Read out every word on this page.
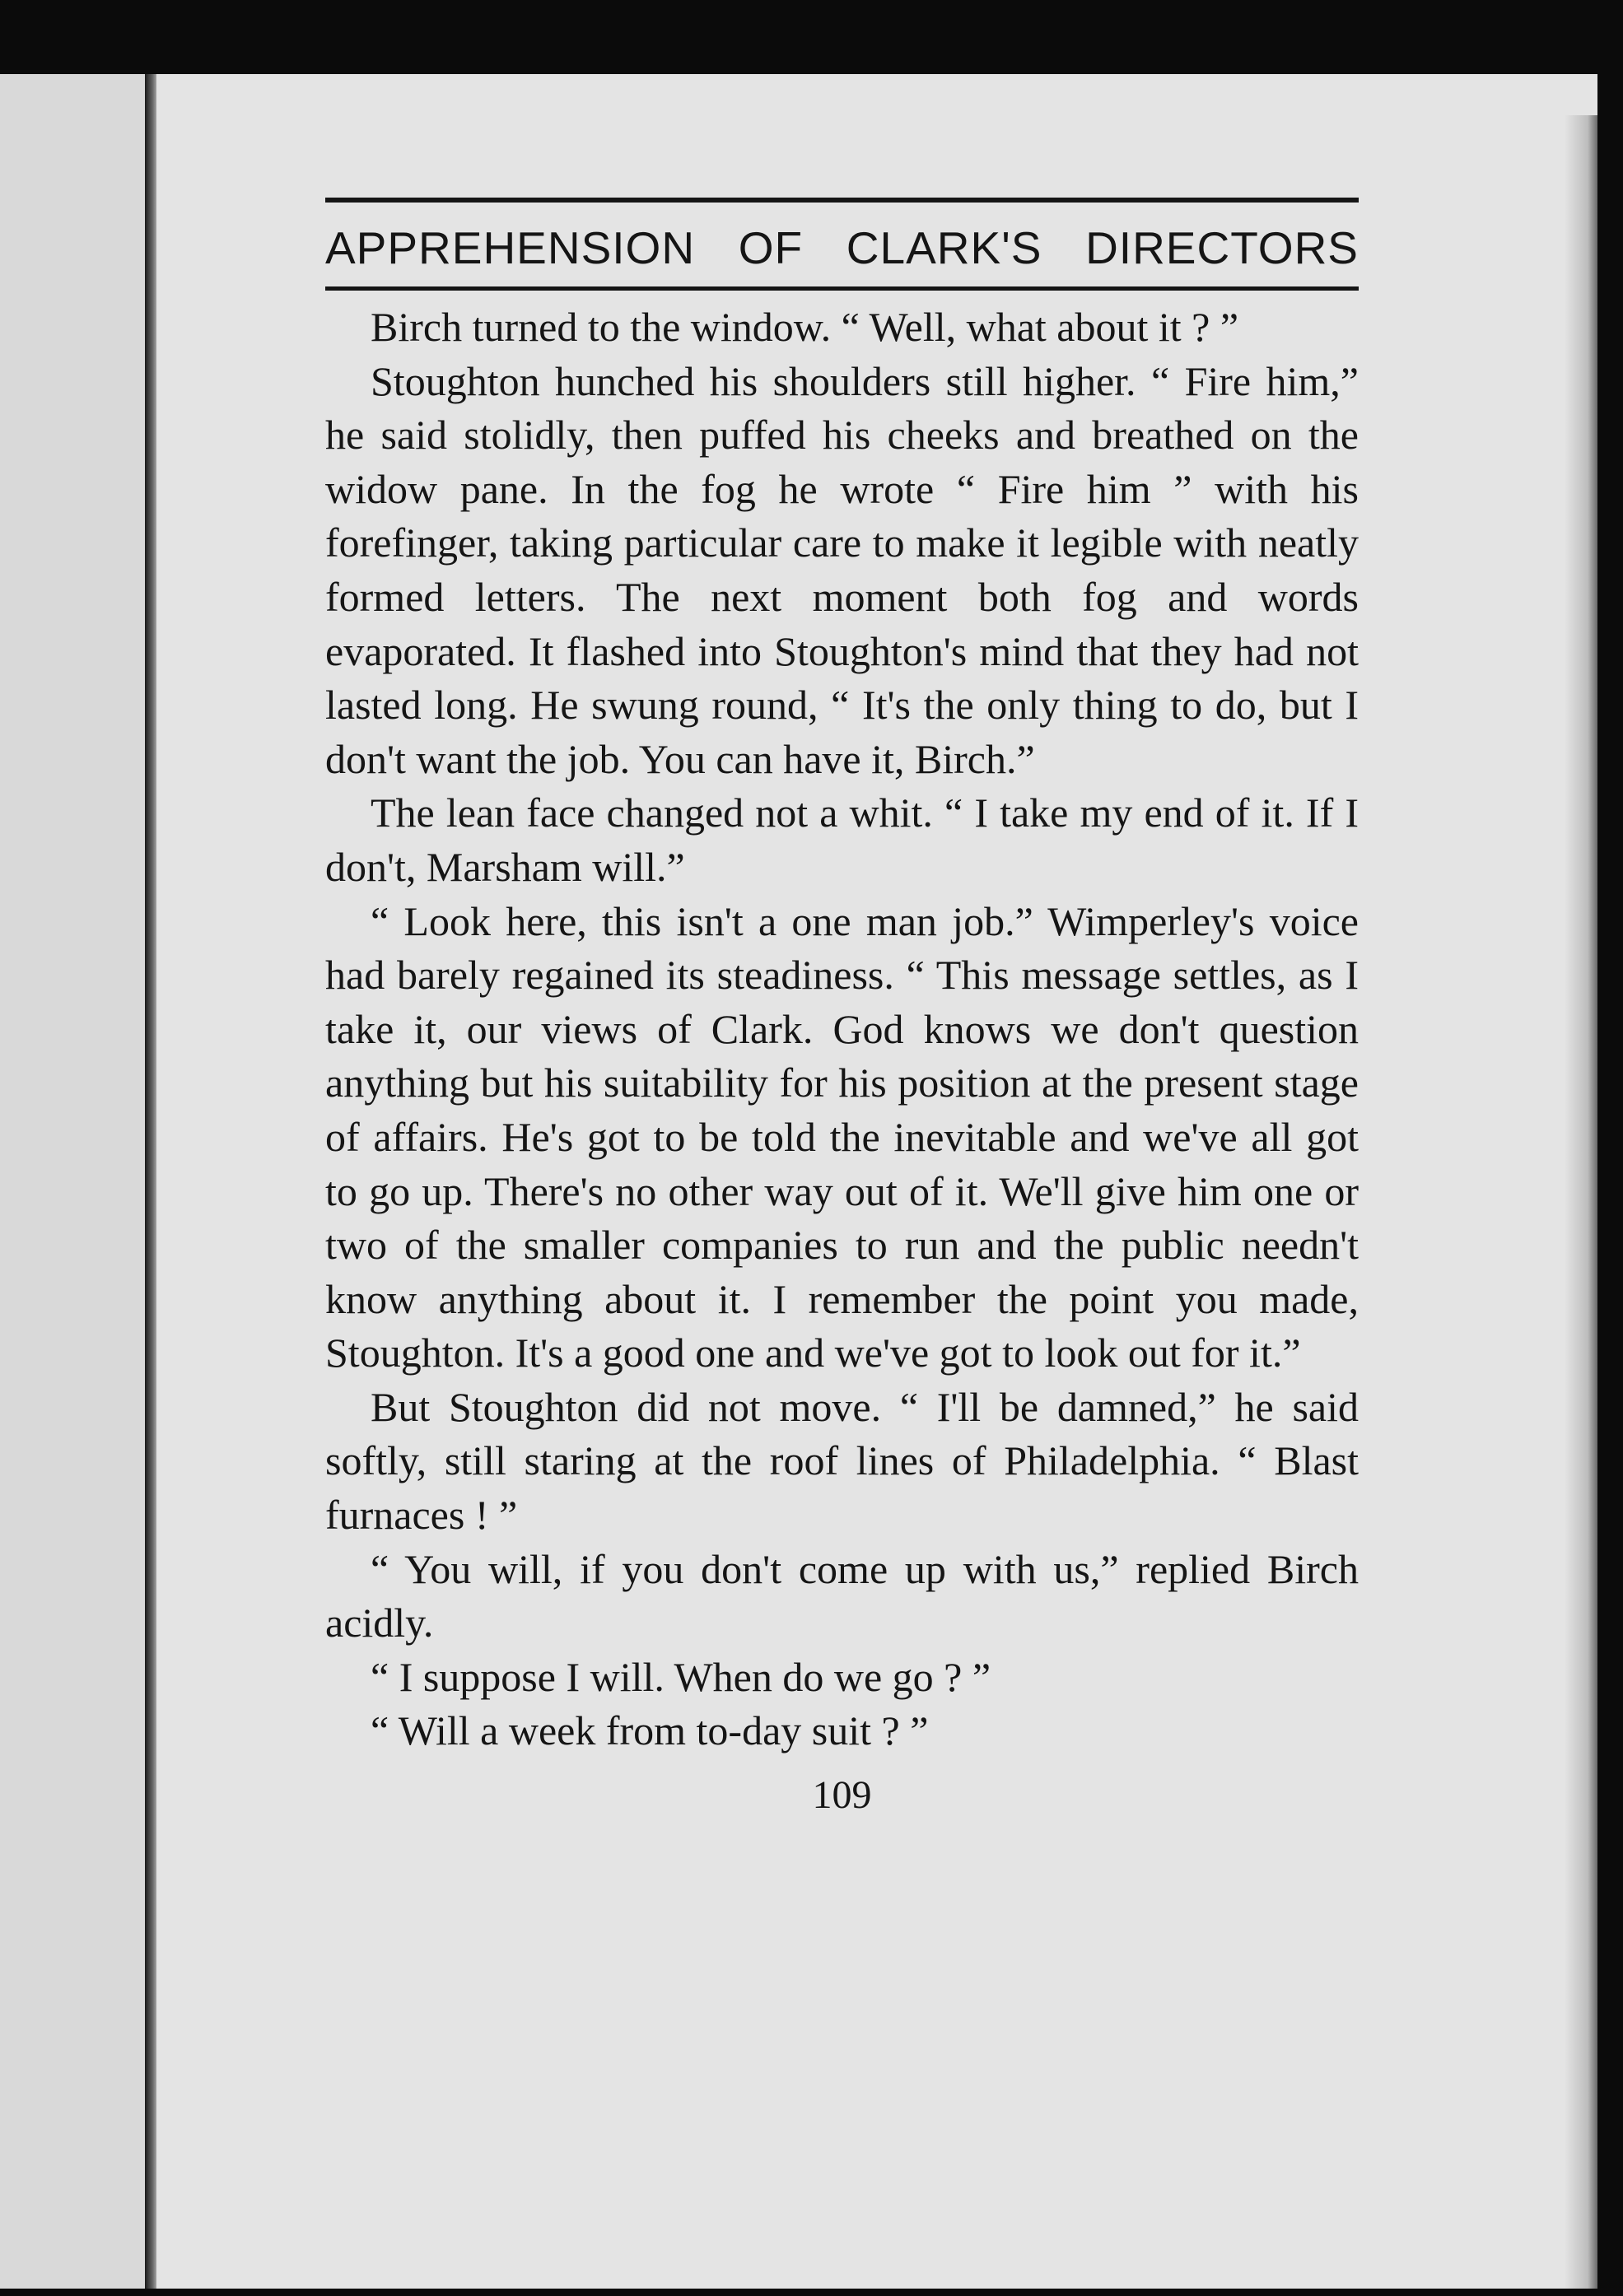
APPREHENSION OF CLARK'S DIRECTORS

Birch turned to the window. “ Well, what about it ? ”

Stoughton hunched his shoulders still higher. “ Fire him,” he said stolidly, then puffed his cheeks and breathed on the widow pane. In the fog he wrote “ Fire him ” with his forefinger, taking particular care to make it legible with neatly formed letters. The next moment both fog and words evaporated. It flashed into Stoughton's mind that they had not lasted long. He swung round, “ It's the only thing to do, but I don't want the job. You can have it, Birch.”

The lean face changed not a whit. “ I take my end of it. If I don't, Marsham will.”

“ Look here, this isn't a one man job.” Wimperley's voice had barely regained its steadiness. “ This message settles, as I take it, our views of Clark. God knows we don't question anything but his suitability for his position at the present stage of affairs. He's got to be told the inevitable and we've all got to go up. There's no other way out of it. We'll give him one or two of the smaller companies to run and the public needn't know anything about it. I remember the point you made, Stoughton. It's a good one and we've got to look out for it.”

But Stoughton did not move. “ I'll be damned,” he said softly, still staring at the roof lines of Philadelphia. “ Blast furnaces ! ”

“ You will, if you don't come up with us,” replied Birch acidly.

“ I suppose I will. When do we go ? ”

“ Will a week from to-day suit ? ”

109
